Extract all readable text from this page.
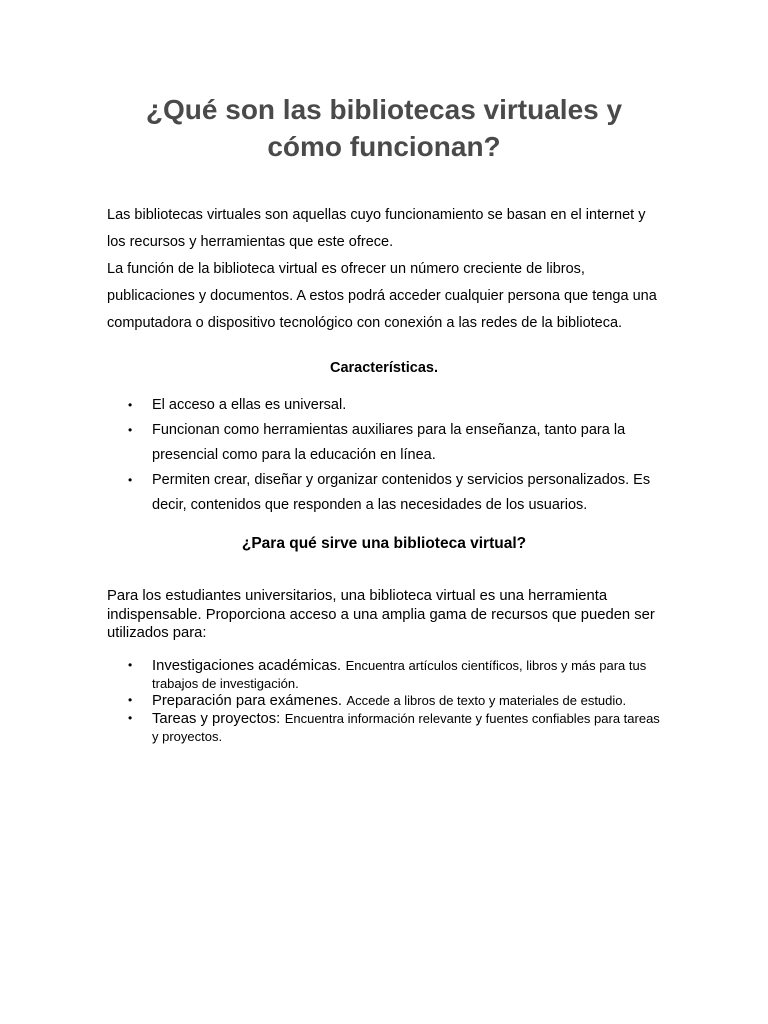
¿Qué son las bibliotecas virtuales y cómo funcionan?

Las bibliotecas virtuales son aquellas cuyo funcionamiento se basan en el internet y los recursos y herramientas que este ofrece.

La función de la biblioteca virtual es ofrecer un número creciente de libros, publicaciones y documentos. A estos podrá acceder cualquier persona que tenga una computadora o dispositivo tecnológico con conexión a las redes de la biblioteca.

Características.
• El acceso a ellas es universal.
• Funcionan como herramientas auxiliares para la enseñanza, tanto para la presencial como para la educación en línea.
• Permiten crear, diseñar y organizar contenidos y servicios personalizados. Es decir, contenidos que responden a las necesidades de los usuarios.
¿Para qué sirve una biblioteca virtual?

Para los estudiantes universitarios, una biblioteca virtual es una herramienta indispensable. Proporciona acceso a una amplia gama de recursos que pueden ser utilizados para:

• Investigaciones académicas. Encuentra artículos científicos, libros y más para tus trabajos de investigación.
• Preparación para exámenes. Accede a libros de texto y materiales de estudio.
• Tareas y proyectos: Encuentra información relevante y fuentes confiables para tareas y proyectos.
